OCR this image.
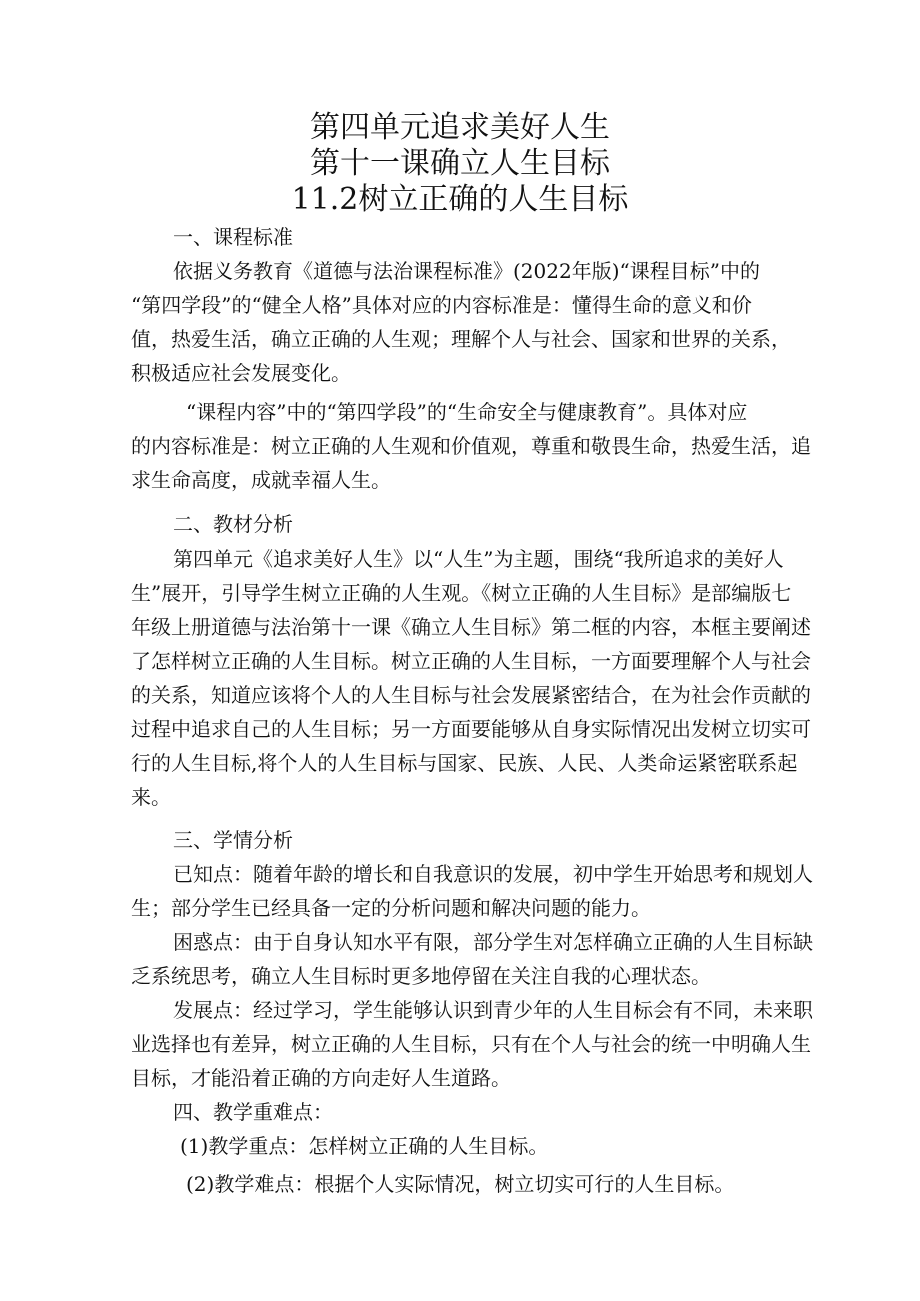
第四单元追求美好人生
第十一课确立人生目标
11.2树立正确的人生目标
一、课程标准
依据义务教育《道德与法治课程标准》(2022年版)“课程目标”中的
“第四学段”的“健全人格”具体对应的内容标准是：懂得生命的意义和价
值，热爱生活，确立正确的人生观；理解个人与社会、国家和世界的关系，
积极适应社会发展变化。
“课程内容”中的“第四学段”的“生命安全与健康教育”。具体对应
的内容标准是：树立正确的人生观和价值观，尊重和敬畏生命，热爱生活，追
求生命高度，成就幸福人生。
二、教材分析
第四单元《追求美好人生》以“人生”为主题，围绕“我所追求的美好人
生”展开，引导学生树立正确的人生观。《树立正确的人生目标》是部编版七
年级上册道德与法治第十一课《确立人生目标》第二框的内容，本框主要阐述
了怎样树立正确的人生目标。树立正确的人生目标，一方面要理解个人与社会
的关系，知道应该将个人的人生目标与社会发展紧密结合，在为社会作贡献的
过程中追求自己的人生目标；另一方面要能够从自身实际情况出发树立切实可
行的人生目标,将个人的人生目标与国家、民族、人民、人类命运紧密联系起
来。
三、学情分析
已知点：随着年龄的增长和自我意识的发展，初中学生开始思考和规划人
生；部分学生已经具备一定的分析问题和解决问题的能力。
困惑点：由于自身认知水平有限，部分学生对怎样确立正确的人生目标缺
乏系统思考，确立人生目标时更多地停留在关注自我的心理状态。
发展点：经过学习，学生能够认识到青少年的人生目标会有不同，未来职
业选择也有差异，树立正确的人生目标，只有在个人与社会的统一中明确人生
目标，才能沿着正确的方向走好人生道路。
四、教学重难点：
(1)教学重点：怎样树立正确的人生目标。
(2)教学难点：根据个人实际情况，树立切实可行的人生目标。
